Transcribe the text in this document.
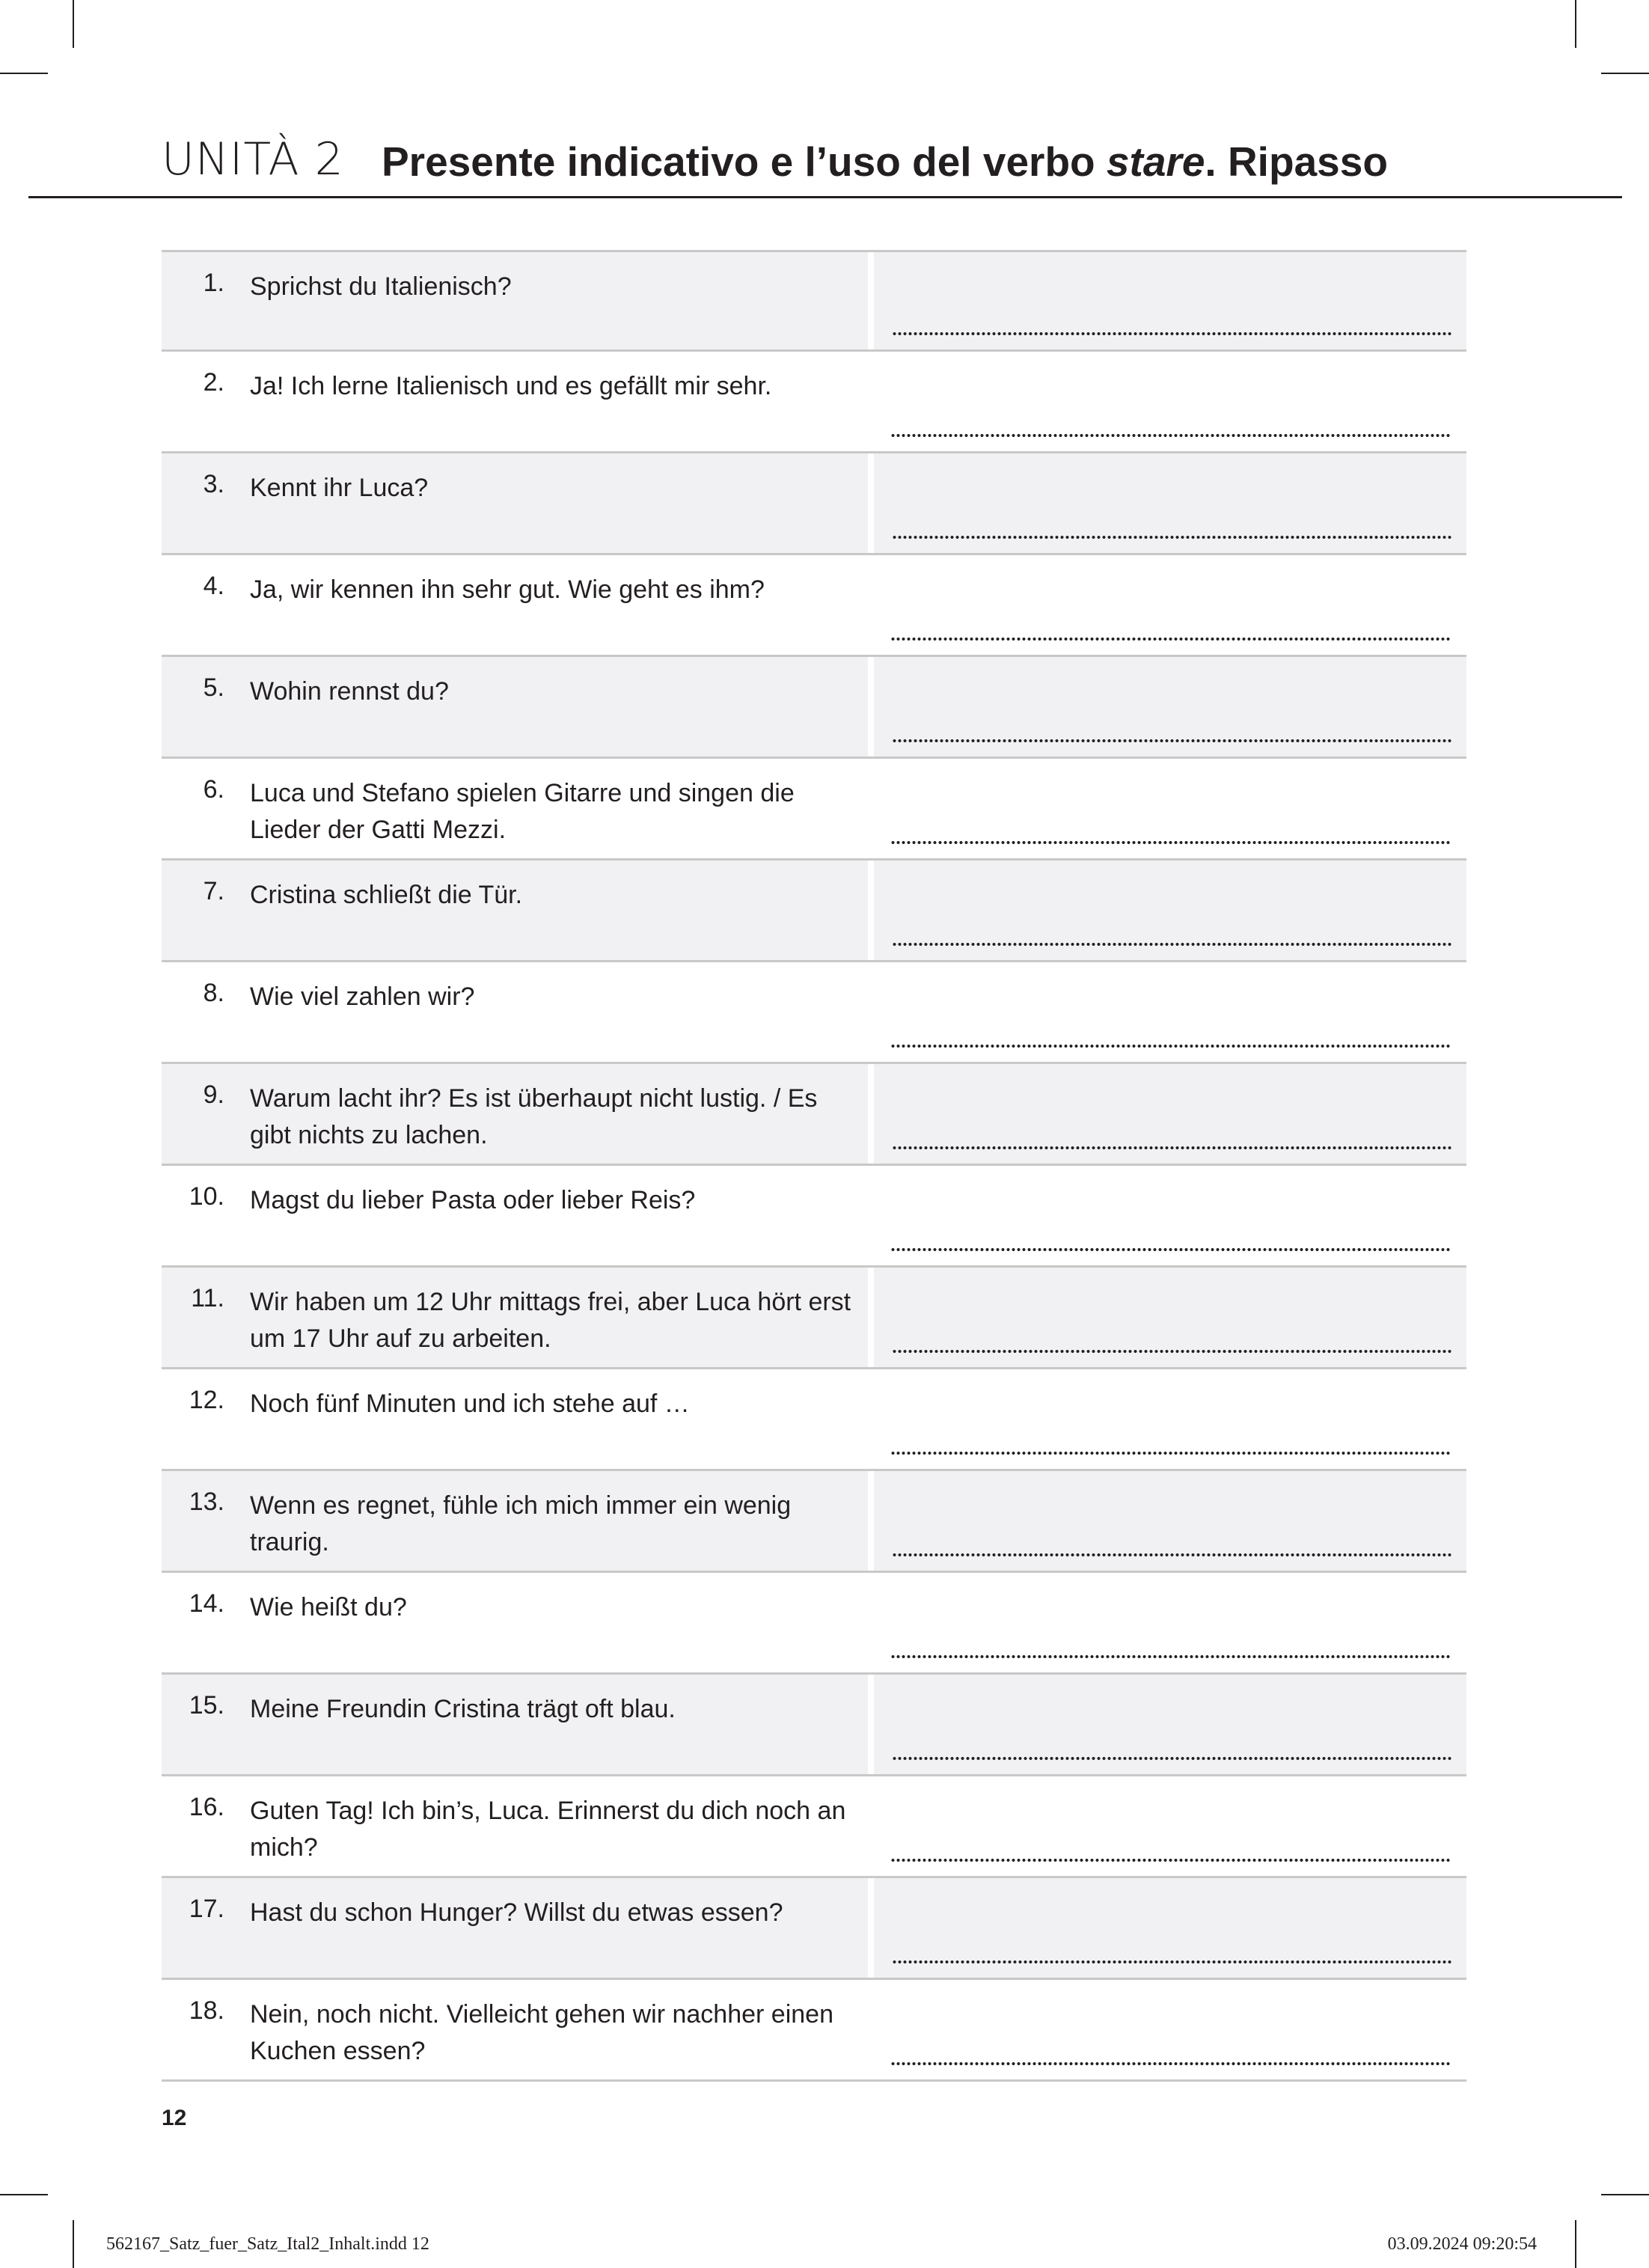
UNITÀ 2 Presente indicativo e l’uso del verbo stare. Ripasso
1. Sprichst du Italienisch?
2. Ja! Ich lerne Italienisch und es gefällt mir sehr.
3. Kennt ihr Luca?
4. Ja, wir kennen ihn sehr gut. Wie geht es ihm?
5. Wohin rennst du?
6. Luca und Stefano spielen Gitarre und singen die Lieder der Gatti Mezzi.
7. Cristina schließt die Tür.
8. Wie viel zahlen wir?
9. Warum lacht ihr? Es ist überhaupt nicht lustig. / Es gibt nichts zu lachen.
10. Magst du lieber Pasta oder lieber Reis?
11. Wir haben um 12 Uhr mittags frei, aber Luca hört erst um 17 Uhr auf zu arbeiten.
12. Noch fünf Minuten und ich stehe auf …
13. Wenn es regnet, fühle ich mich immer ein wenig traurig.
14. Wie heißt du?
15. Meine Freundin Cristina trägt oft blau.
16. Guten Tag! Ich bin’s, Luca. Erinnerst du dich noch an mich?
17. Hast du schon Hunger? Willst du etwas essen?
18. Nein, noch nicht. Vielleicht gehen wir nachher einen Kuchen essen?
12
562167_Satz_fuer_Satz_Ital2_Inhalt.indd 12	03.09.2024 09:20:54
